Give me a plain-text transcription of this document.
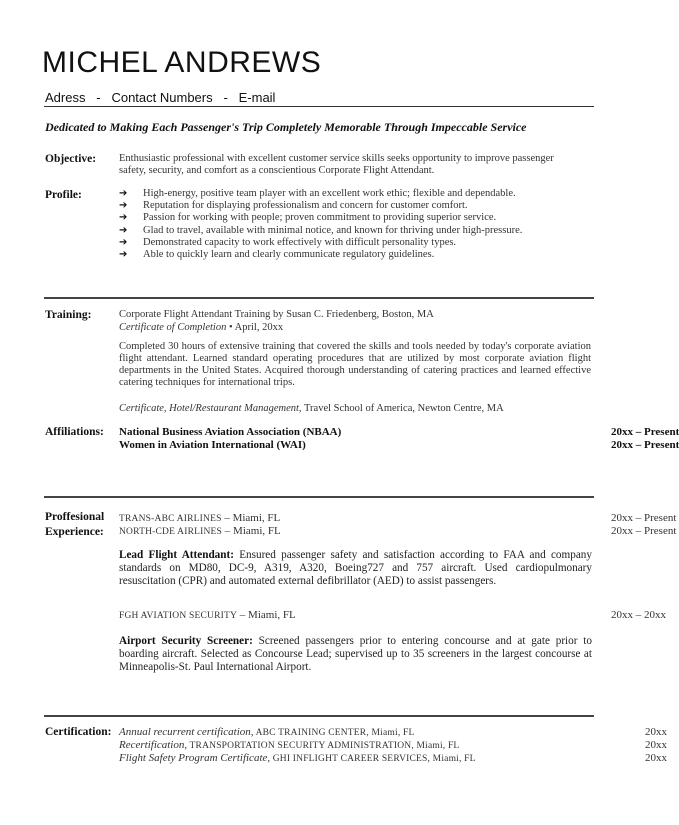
MICHEL ANDREWS
Adress   -   Contact Numbers   -   E-mail
Dedicated to Making Each Passenger's Trip Completely Memorable Through Impeccable Service
Objective: Enthusiastic professional with excellent customer service skills seeks opportunity to improve passenger safety, security, and comfort as a conscientious Corporate Flight Attendant.
Profile:	➔ High-energy, positive team player with an excellent work ethic; flexible and dependable.
➔ Reputation for displaying professionalism and concern for customer comfort.
➔ Passion for working with people; proven commitment to providing superior service.
➔ Glad to travel, available with minimal notice, and known for thriving under high-pressure.
➔ Demonstrated capacity to work effectively with difficult personality types.
➔ Able to quickly learn and clearly communicate regulatory guidelines.
Training:	Corporate Flight Attendant Training by Susan C. Friedenberg, Boston, MA
Certificate of Completion • April, 20xx
Completed 30 hours of extensive training that covered the skills and tools needed by today's corporate aviation flight attendant. Learned standard operating procedures that are utilized by most corporate aviation flight departments in the United States. Acquired thorough understanding of catering practices and learned effective catering techniques for international trips.
Certificate, Hotel/Restaurant Management, Travel School of America, Newton Centre, MA
Affiliations: National Business Aviation Association (NBAA)	20xx – Present
Women in Aviation International (WAI)	20xx – Present
Proffesional
Experience:
TRANS-ABC AIRLINES – Miami, FL	20xx – Present
NORTH-CDE AIRLINES – Miami, FL	20xx – Present
Lead Flight Attendant: Ensured passenger safety and satisfaction according to FAA and company standards on MD80, DC-9, A319, A320, Boeing727 and 757 aircraft. Used cardiopulmonary resuscitation (CPR) and automated external defibrillator (AED) to assist passengers.
FGH AVIATION SECURITY – Miami, FL	20xx – 20xx
Airport Security Screener: Screened passengers prior to entering concourse and at gate prior to boarding aircraft. Selected as Concourse Lead; supervised up to 35 screeners in the largest concourse at Minneapolis-St. Paul International Airport.
Certification: Annual recurrent certification, ABC TRAINING CENTER, Miami, FL	20xx
Recertification, TRANSPORTATION SECURITY ADMINISTRATION, Miami, FL	20xx
Flight Safety Program Certificate, GHI INFLIGHT CAREER SERVICES, Miami, FL	20xx
